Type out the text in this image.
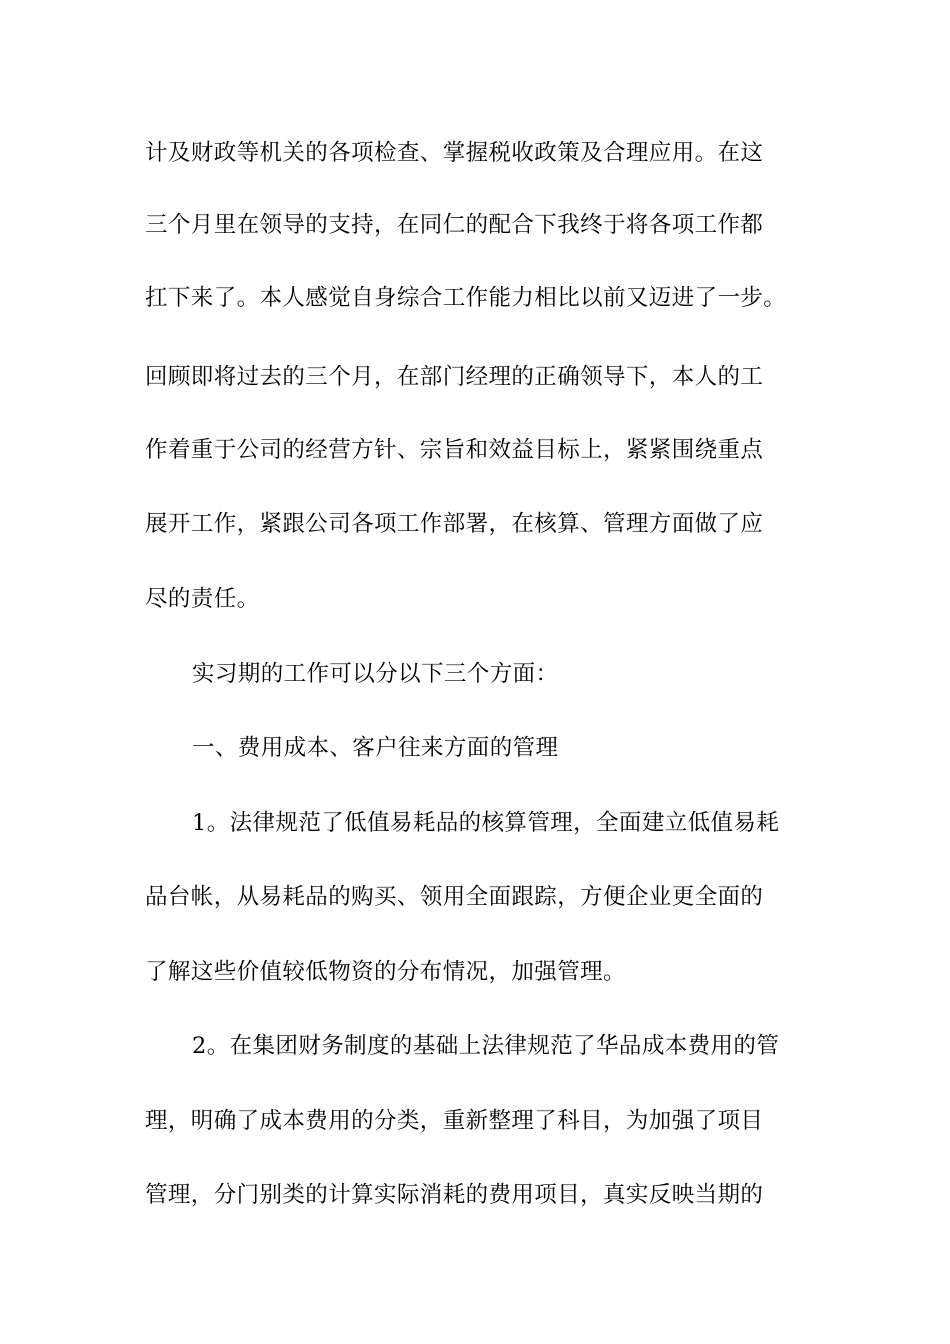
计及财政等机关的各项检查、掌握税收政策及合理应用。在这
三个月里在领导的支持，在同仁的配合下我终于将各项工作都
扛下来了。本人感觉自身综合工作能力相比以前又迈进了一步。
回顾即将过去的三个月，在部门经理的正确领导下，本人的工
作着重于公司的经营方针、宗旨和效益目标上，紧紧围绕重点
展开工作，紧跟公司各项工作部署，在核算、管理方面做了应
尽的责任。
实习期的工作可以分以下三个方面：
一、费用成本、客户往来方面的管理
1。法律规范了低值易耗品的核算管理，全面建立低值易耗
品台帐，从易耗品的购买、领用全面跟踪，方便企业更全面的
了解这些价值较低物资的分布情况，加强管理。
2。在集团财务制度的基础上法律规范了华品成本费用的管
理，明确了成本费用的分类，重新整理了科目，为加强了项目
管理，分门别类的计算实际消耗的费用项目，真实反映当期的
